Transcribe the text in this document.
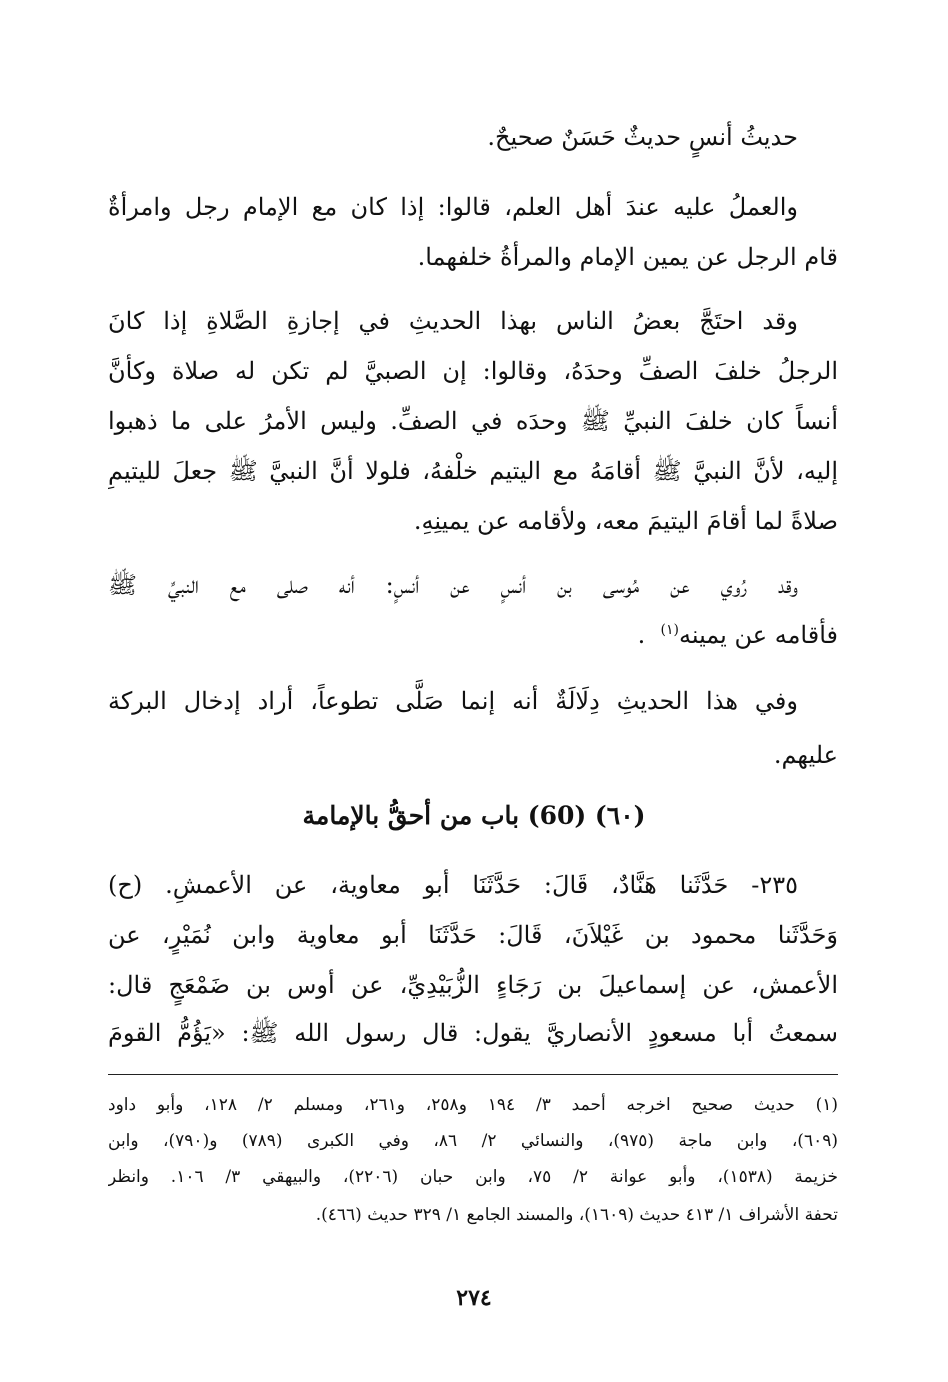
حديثُ أنسٍ حديثٌ حَسَنٌ صحيحٌ.
والعملُ عليه عندَ أهل العلم، قالوا: إذا كان مع الإمام رجل وامرأةٌ
قام الرجل عن يمين الإمام والمرأةُ خلفهما.
وقد احتَجَّ بعضُ الناس بهذا الحديثِ في إجازةِ الصَّلاةِ إذا كانَ
الرجلُ خلفَ الصفِّ وحدَهُ، وقالوا: إن الصبيَّ لم تكن له صلاة وكأنَّ
أنساً كان خلفَ النبيِّ ﷺ وحدَه في الصفِّ. وليس الأمرُ على ما ذهبوا
إليه، لأنَّ النبيَّ ﷺ أقامَهُ مع اليتيم خلْفهُ، فلولا أنَّ النبيَّ ﷺ جعلَ لليتيمِ
صلاةً لما أقامَ اليتيمَ معه، ولأقامه عن يمينِهِ.
وقد رُوي عن مُوسى بن أنسٍ عن أنسٍ: أنه صلى مع النبيِّ ﷺ
فأقامه عن يمينه$^{(١)}$  .
وفي هذا الحديثِ دِلَالَةٌ أنه إنما صَلَّى تطوعاً، أراد إدخال البركة
عليهم.
(٦٠) (60) باب من أحقُّ بالإمامة
٢٣٥- حَدَّثَنا هَنَّادٌ، قَالَ: حَدَّثَنَا أبو معاوية، عن الأعمشِ. (ح)
وَحَدَّثَنا محمود بن غَيْلاَنَ، قَالَ: حَدَّثَنَا أبو معاوية وابن نُمَيْرٍ، عن
الأعمش، عن إسماعيلَ بن رَجَاءٍ الزُّبَيْدِيِّ، عن أوس بن ضَمْعَجٍ قال:
سمعتُ أبا مسعودٍ الأنصاريَّ يقول: قال رسول الله ﷺ: «يَؤُمُّ القومَ
(١) حديث صحيح اخرجه أحمد ٣/ ١٩٤ و٢٥٨، و٢٦١، ومسلم ٢/ ١٢٨، وأبو داود
(٦٠٩)، وابن ماجة (٩٧٥)، والنسائي ٢/ ٨٦، وفي الكبرى (٧٨٩) و(٧٩٠)، وابن
خزيمة (١٥٣٨)، وأبو عوانة ٢/ ٧٥، وابن حبان (٢٢٠٦)، والبيهقي ٣/ ١٠٦. وانظر
تحفة الأشراف ١/ ٤١٣ حديث (١٦٠٩)، والمسند الجامع ١/ ٣٢٩ حديث (٤٦٦).
٢٧٤
